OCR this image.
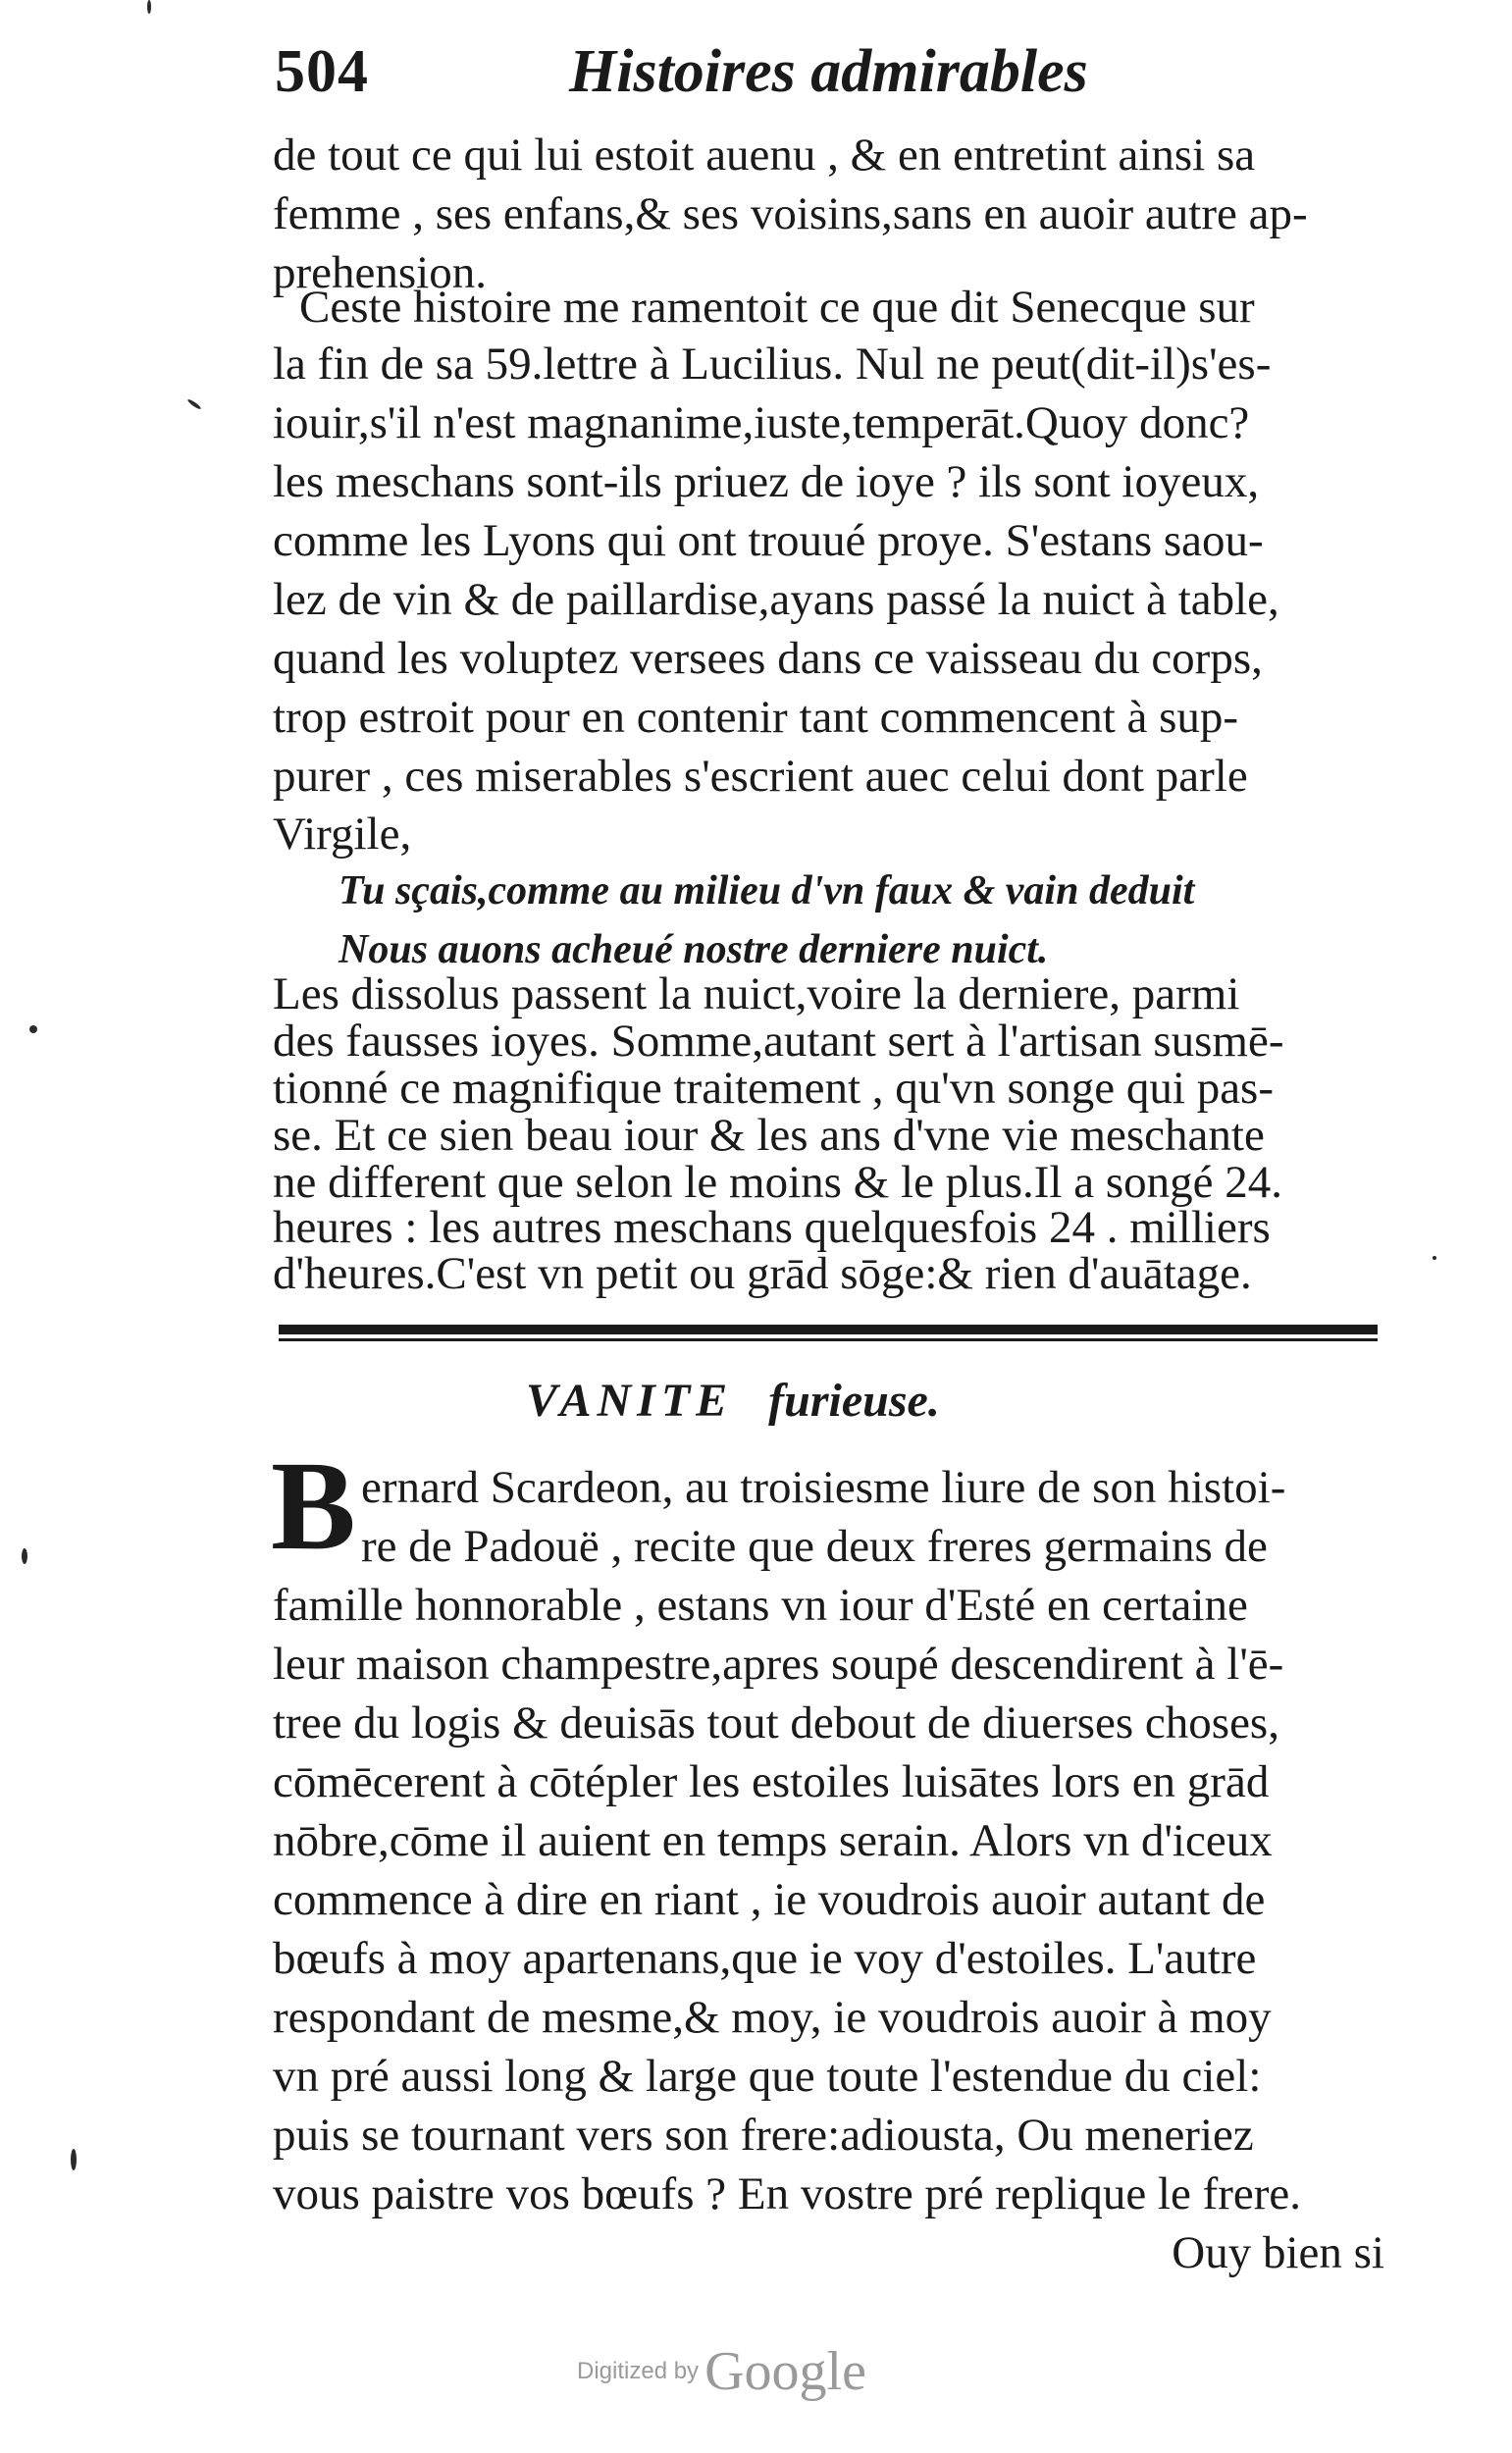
504	Histoires admirables
de tout ce qui lui estoit auenu , & en entretint ainsi sa
femme , ses enfans,& ses voisins,sans en auoir autre ap-
prehension.
Ceste histoire me ramentoit ce que dit Senecque sur
la fin de sa 59.lettre à Lucilius. Nul ne peut(dit-il)s'es-
iouir,s'il n'est magnanime,iuste,temperāt.Quoy donc?
les meschans sont-ils priuez de ioye ? ils sont ioyeux,
comme les Lyons qui ont trouué proye. S'estans saou-
lez de vin & de paillardise,ayans passé la nuict à table,
quand les voluptez versees dans ce vaisseau du corps,
trop estroit pour en contenir tant commencent à sup-
purer , ces miserables s'escrient auec celui dont parle
Virgile,
Tu sçais,comme au milieu d'vn faux & vain deduit
Nous auons acheué nostre derniere nuict.
Les dissolus passent la nuict,voire la derniere, parmi
des fausses ioyes. Somme,autant sert à l'artisan susmē-
tionné ce magnifique traitement , qu'vn songe qui pas-
se. Et ce sien beau iour & les ans d'vne vie meschante
ne different que selon le moins & le plus.Il a songé 24.
heures : les autres meschans quelquesfois 24 . milliers
VANITE furieuse.
B ernard Scardeon, au troisiesme liure de son histoi-
re de Padouë , recite que deux freres germains de
famille honnorable , estans vn iour d'Esté en certaine
leur maison champestre,apres soupé descendirent à l'ē-
tree du logis & deuisās tout debout de diuerses choses,
cōmēcerent à cōtépler les estoiles luisātes lors en grād
nōbre,cōme il auient en temps serain. Alors vn d'iceux
commence à dire en riant , ie voudrois auoir autant de
bœufs à moy apartenans,que ie voy d'estoiles. L'autre
respondant de mesme,& moy, ie voudrois auoir à moy
vn pré aussi long & large que toute l'estendue du ciel:
puis se tournant vers son frere:adiousta, Ou meneriez
vous paistre vos bœufs ? En vostre pré replique le frere.
Ouy bien si
Digitized by Google
d'heures.C'est vn petit ou grād sōge:& rien d'auātage.
